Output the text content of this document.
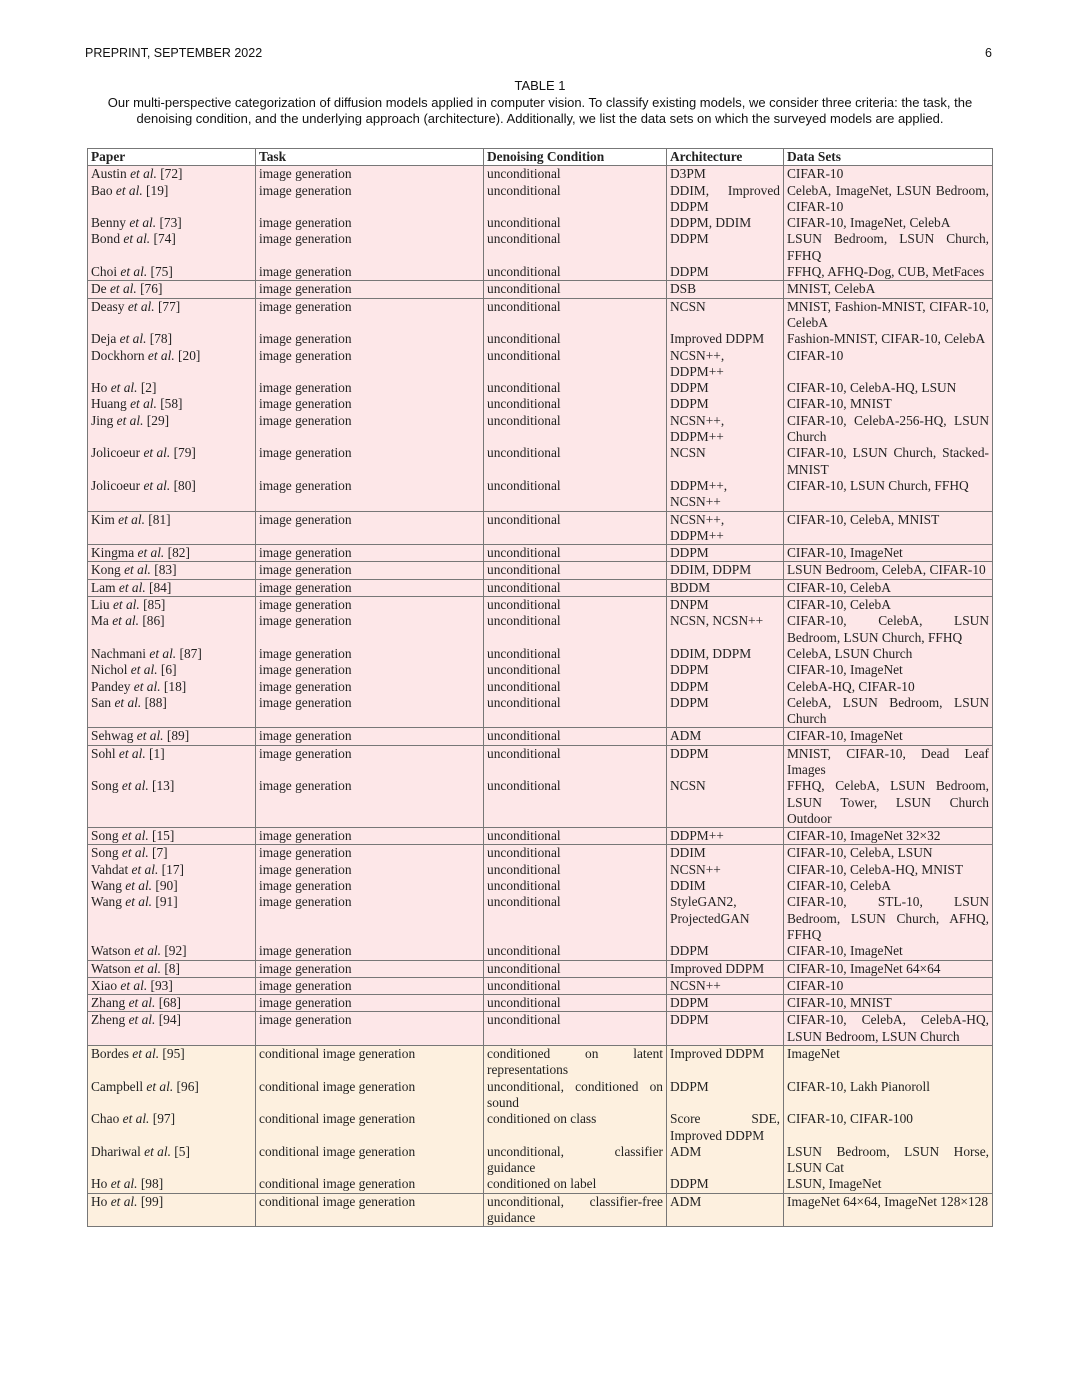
PREPRINT, SEPTEMBER 2022	6
TABLE 1
Our multi-perspective categorization of diffusion models applied in computer vision. To classify existing models, we consider three criteria: the task, the denoising condition, and the underlying approach (architecture). Additionally, we list the data sets on which the surveyed models are applied.
Paper	Task	Denoising Condition	Architecture	Data Sets
Austin et al. [72]	image generation	unconditional	D3PM	CIFAR-10
Bao et al. [19]	image generation	unconditional	DDIM, Improved DDPM	CelebA, ImageNet, LSUN Bedroom, CIFAR-10
Benny et al. [73]	image generation	unconditional	DDPM, DDIM	CIFAR-10, ImageNet, CelebA
Bond et al. [74]	image generation	unconditional	DDPM	LSUN Bedroom, LSUN Church, FFHQ
Choi et al. [75]	image generation	unconditional	DDPM	FFHQ, AFHQ-Dog, CUB, MetFaces
De et al. [76]	image generation	unconditional	DSB	MNIST, CelebA
Deasy et al. [77]	image generation	unconditional	NCSN	MNIST, Fashion-MNIST, CIFAR-10, CelebA
Deja et al. [78]	image generation	unconditional	Improved DDPM	Fashion-MNIST, CIFAR-10, CelebA
Dockhorn et al. [20]	image generation	unconditional	NCSN++, DDPM++	CIFAR-10
Ho et al. [2]	image generation	unconditional	DDPM	CIFAR-10, CelebA-HQ, LSUN
Huang et al. [58]	image generation	unconditional	DDPM	CIFAR-10, MNIST
Jing et al. [29]	image generation	unconditional	NCSN++, DDPM++	CIFAR-10, CelebA-256-HQ, LSUN Church
Jolicoeur et al. [79]	image generation	unconditional	NCSN	CIFAR-10, LSUN Church, Stacked-MNIST
Jolicoeur et al. [80]	image generation	unconditional	DDPM++, NCSN++	CIFAR-10, LSUN Church, FFHQ
Kim et al. [81]	image generation	unconditional	NCSN++, DDPM++	CIFAR-10, CelebA, MNIST
Kingma et al. [82]	image generation	unconditional	DDPM	CIFAR-10, ImageNet
Kong et al. [83]	image generation	unconditional	DDIM, DDPM	LSUN Bedroom, CelebA, CIFAR-10
Lam et al. [84]	image generation	unconditional	BDDM	CIFAR-10, CelebA
Liu et al. [85]	image generation	unconditional	DNPM	CIFAR-10, CelebA
Ma et al. [86]	image generation	unconditional	NCSN, NCSN++	CIFAR-10, CelebA, LSUN Bedroom, LSUN Church, FFHQ
Nachmani et al. [87]	image generation	unconditional	DDIM, DDPM	CelebA, LSUN Church
Nichol et al. [6]	image generation	unconditional	DDPM	CIFAR-10, ImageNet
Pandey et al. [18]	image generation	unconditional	DDPM	CelebA-HQ, CIFAR-10
San et al. [88]	image generation	unconditional	DDPM	CelebA, LSUN Bedroom, LSUN Church
Sehwag et al. [89]	image generation	unconditional	ADM	CIFAR-10, ImageNet
Sohl et al. [1]	image generation	unconditional	DDPM	MNIST, CIFAR-10, Dead Leaf Images
Song et al. [13]	image generation	unconditional	NCSN	FFHQ, CelebA, LSUN Bedroom, LSUN Tower, LSUN Church Outdoor
Song et al. [15]	image generation	unconditional	DDPM++	CIFAR-10, ImageNet 32×32
Song et al. [7]	image generation	unconditional	DDIM	CIFAR-10, CelebA, LSUN
Vahdat et al. [17]	image generation	unconditional	NCSN++	CIFAR-10, CelebA-HQ, MNIST
Wang et al. [90]	image generation	unconditional	DDIM	CIFAR-10, CelebA
Wang et al. [91]	image generation	unconditional	StyleGAN2, ProjectedGAN	CIFAR-10, STL-10, LSUN Bedroom, LSUN Church, AFHQ, FFHQ
Watson et al. [92]	image generation	unconditional	DDPM	CIFAR-10, ImageNet
Watson et al. [8]	image generation	unconditional	Improved DDPM	CIFAR-10, ImageNet 64×64
Xiao et al. [93]	image generation	unconditional	NCSN++	CIFAR-10
Zhang et al. [68]	image generation	unconditional	DDPM	CIFAR-10, MNIST
Zheng et al. [94]	image generation	unconditional	DDPM	CIFAR-10, CelebA, CelebA-HQ, LSUN Bedroom, LSUN Church
Bordes et al. [95]	conditional image generation	conditioned on latent representations	Improved DDPM	ImageNet
Campbell et al. [96]	conditional image generation	unconditional, conditioned on sound	DDPM	CIFAR-10, Lakh Pianoroll
Chao et al. [97]	conditional image generation	conditioned on class	Score SDE, Improved DDPM	CIFAR-10, CIFAR-100
Dhariwal et al. [5]	conditional image generation	unconditional, classifier guidance	ADM	LSUN Bedroom, LSUN Horse, LSUN Cat
Ho et al. [98]	conditional image generation	conditioned on label	DDPM	LSUN, ImageNet
Ho et al. [99]	conditional image generation	unconditional, classifier-free guidance	ADM	ImageNet 64×64, ImageNet 128×128
